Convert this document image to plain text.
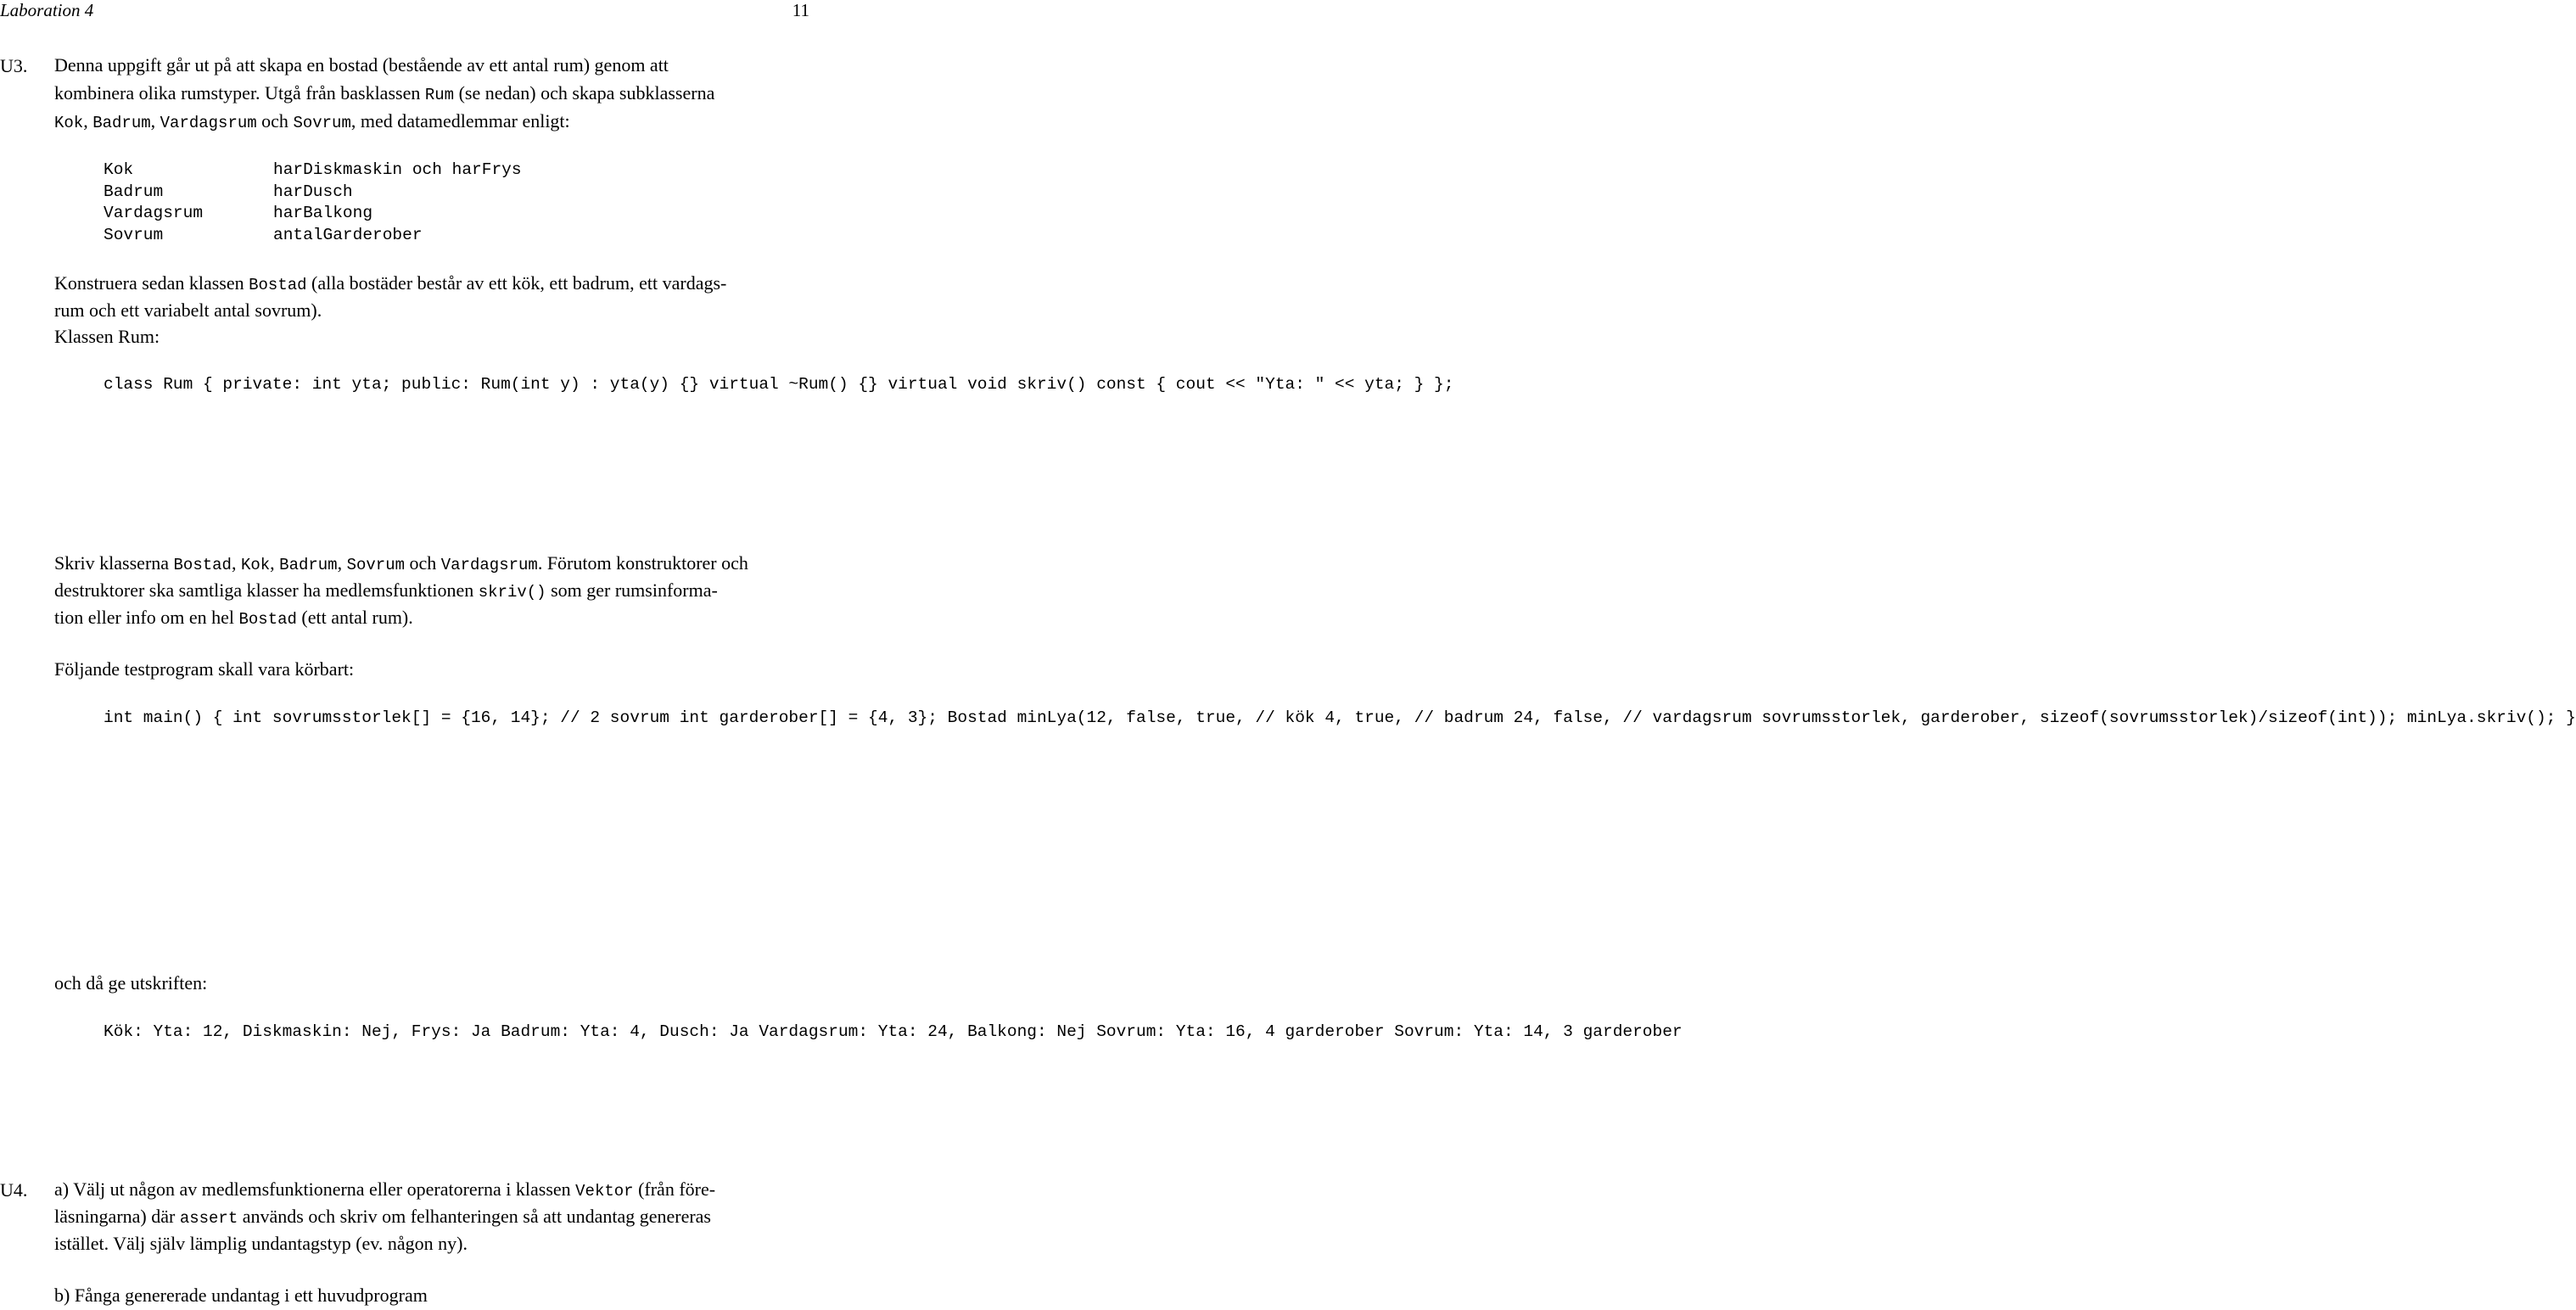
Laboration 4	11
U3. Denna uppgift går ut på att skapa en bostad (bestående av ett antal rum) genom att
kombinera olika rumstyper. Utgå från basklassen Rum (se nedan) och skapa subklasserna
Kok, Badrum, Vardagsrum och Sovrum, med datamedlemmar enligt:
Kok
Badrum
Vardagsrum
Sovrum
harDiskmaskin och harFrys
harDusch
harBalkong
antalGarderober
Konstruera sedan klassen Bostad (alla bostäder består av ett kök, ett badrum, ett vardags-
rum och ett variabelt antal sovrum).
Klassen Rum:
class Rum { private: int yta; public: Rum(int y) : yta(y) {} virtual ~Rum() {} virtual void skriv() const { cout << "Yta: " << yta; } };
Skriv klasserna Bostad, Kok, Badrum, Sovrum och Vardagsrum. Förutom konstruktorer och
destruktorer ska samtliga klasser ha medlemsfunktionen skriv() som ger rumsinforma-
tion eller info om en hel Bostad (ett antal rum).
Följande testprogram skall vara körbart:
int main() { int sovrumsstorlek[] = {16, 14}; // 2 sovrum int garderober[] = {4, 3}; Bostad minLya(12, false, true, // kök 4, true, // badrum 24, false, // vardagsrum sovrumsstorlek, garderober, sizeof(sovrumsstorlek)/sizeof(int)); minLya.skriv(); }
och då ge utskriften:
Kök: Yta: 12, Diskmaskin: Nej, Frys: Ja Badrum: Yta: 4, Dusch: Ja Vardagsrum: Yta: 24, Balkong: Nej Sovrum: Yta: 16, 4 garderober Sovrum: Yta: 14, 3 garderober
U4. a) Välj ut någon av medlemsfunktionerna eller operatorerna i klassen Vektor (från före-
läsningarna) där assert används och skriv om felhanteringen så att undantag genereras
istället. Välj själv lämplig undantagstyp (ev. någon ny).
b) Fånga genererade undantag i ett huvudprogram
